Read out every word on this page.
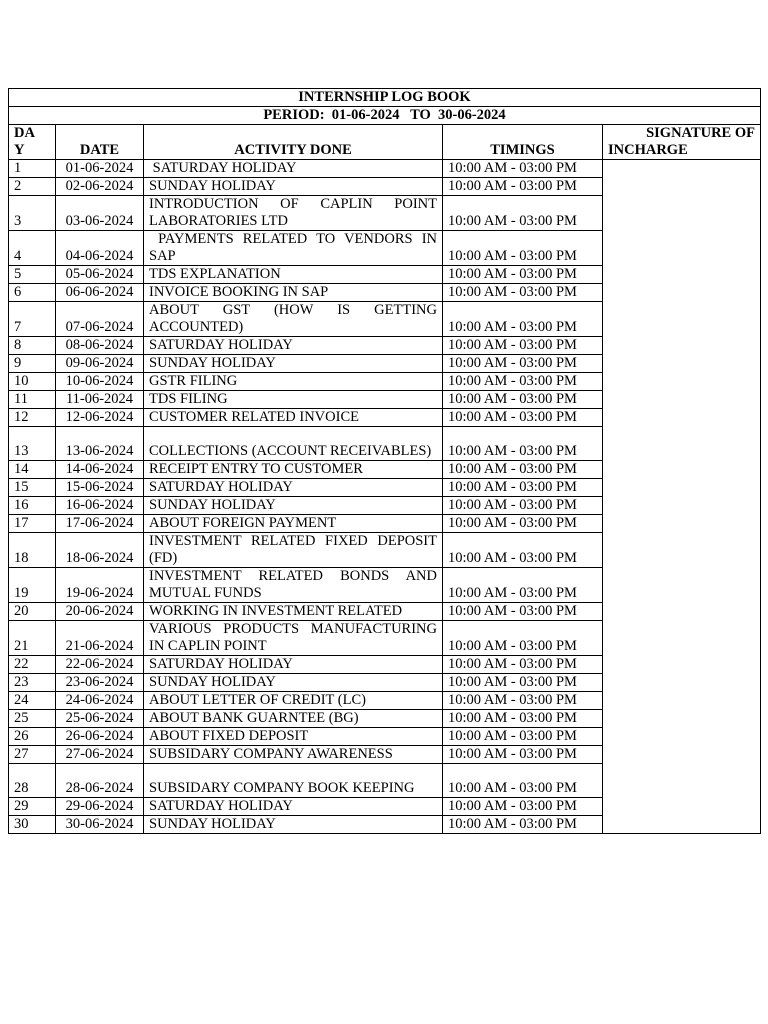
INTERNSHIP LOG BOOK				
PERIOD:  01-06-2024   TO  30-06-2024				
DA
Y	DATE	ACTIVITY DONE	TIMINGS	SIGNATURE OF
INCHARGE

1	01-06-2024	SATURDAY HOLIDAY	10:00 AM - 03:00 PM	
2	02-06-2024	SUNDAY HOLIDAY	10:00 AM - 03:00 PM	
3	03-06-2024	INTRODUCTION OF CAPLIN POINT LABORATORIES LTD	10:00 AM - 03:00 PM	
4	04-06-2024	PAYMENTS RELATED TO VENDORS IN SAP	10:00 AM - 03:00 PM	
5	05-06-2024	TDS EXPLANATION	10:00 AM - 03:00 PM	
6	06-06-2024	INVOICE BOOKING IN SAP	10:00 AM - 03:00 PM	
7	07-06-2024	ABOUT GST (HOW IS GETTING ACCOUNTED)	10:00 AM - 03:00 PM	
8	08-06-2024	SATURDAY HOLIDAY	10:00 AM - 03:00 PM	
9	09-06-2024	SUNDAY HOLIDAY	10:00 AM - 03:00 PM	
10	10-06-2024	GSTR FILING	10:00 AM - 03:00 PM	
11	11-06-2024	TDS FILING	10:00 AM - 03:00 PM	
12	12-06-2024	CUSTOMER RELATED INVOICE	10:00 AM - 03:00 PM	
13	13-06-2024	COLLECTIONS (ACCOUNT RECEIVABLES)	10:00 AM - 03:00 PM	
14	14-06-2024	RECEIPT ENTRY TO CUSTOMER	10:00 AM - 03:00 PM	
15	15-06-2024	SATURDAY HOLIDAY	10:00 AM - 03:00 PM	
16	16-06-2024	SUNDAY HOLIDAY	10:00 AM - 03:00 PM	
17	17-06-2024	ABOUT FOREIGN PAYMENT	10:00 AM - 03:00 PM	
18	18-06-2024	INVESTMENT RELATED FIXED DEPOSIT (FD)	10:00 AM - 03:00 PM	
19	19-06-2024	INVESTMENT RELATED BONDS AND MUTUAL FUNDS	10:00 AM - 03:00 PM	
20	20-06-2024	WORKING IN INVESTMENT RELATED	10:00 AM - 03:00 PM	
21	21-06-2024	VARIOUS PRODUCTS MANUFACTURING IN CAPLIN POINT	10:00 AM - 03:00 PM	
22	22-06-2024	SATURDAY HOLIDAY	10:00 AM - 03:00 PM	
23	23-06-2024	SUNDAY HOLIDAY	10:00 AM - 03:00 PM	
24	24-06-2024	ABOUT LETTER OF CREDIT (LC)	10:00 AM - 03:00 PM	
25	25-06-2024	ABOUT BANK GUARNTEE (BG)	10:00 AM - 03:00 PM	
26	26-06-2024	ABOUT FIXED DEPOSIT	10:00 AM - 03:00 PM	
27	27-06-2024	SUBSIDARY COMPANY AWARENESS	10:00 AM - 03:00 PM	
28	28-06-2024	SUBSIDARY COMPANY BOOK KEEPING	10:00 AM - 03:00 PM	
29	29-06-2024	SATURDAY HOLIDAY	10:00 AM - 03:00 PM	
30	30-06-2024	SUNDAY HOLIDAY	10:00 AM - 03:00 PM	
